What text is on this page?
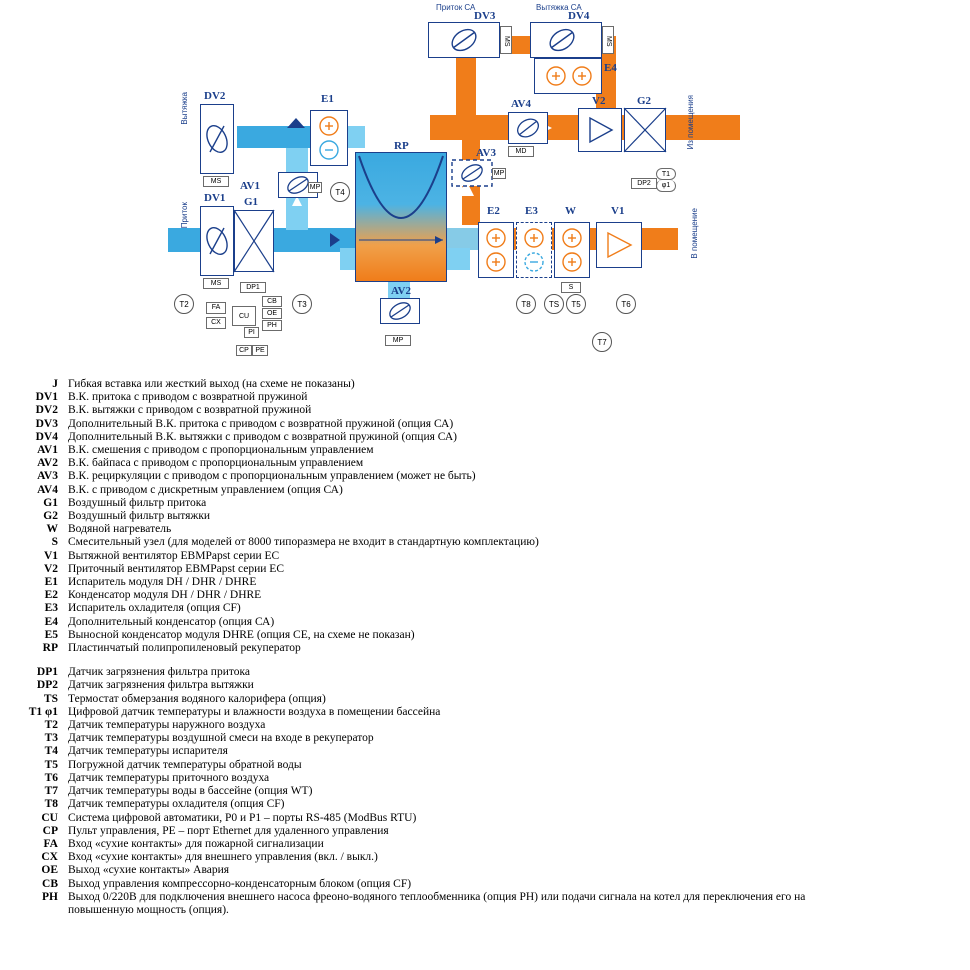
RP
DV3
MS
Приток СА
DV4
MS
Вытяжка СА
E4
DV2
MS
Вытяжка	E1
AV1	MP
DV1
MS
Приток	G1
DP1	AV2
MP
AV3
MP
AV4
MD
V2	G2
DP2
Из помещения
E2 E3 W
S
V1	В помещение
T2	T3
T4
T8	TS	T5	T6
T7
T1
φ1
FA
CX
CU
CB
OE
PH
PI
CP PE
J Гибкая вставка или жесткий выход (на схеме не показаны)
DV1 В.К. притока с приводом с возвратной пружиной
DV2 В.К. вытяжки с приводом с возвратной пружиной
DV3 Дополнительный В.К. притока с приводом с возвратной пружиной (опция СА)
DV4 Дополнительный В.К. вытяжки с приводом с возвратной пружиной (опция СА)
AV1 В.К. смешения с приводом с пропорциональным управлением
AV2 В.К. байпаса с приводом с пропорциональным управлением
AV3 В.К. рециркуляции с приводом с пропорциональным управлением (может не быть)
AV4 В.К. с приводом с дискретным управлением (опция СА)
G1 Воздушный фильтр притока
G2 Воздушный фильтр вытяжки
W Водяной нагреватель
S Смесительный узел (для моделей от 8000 типоразмера не входит в стандартную комплектацию)
V1 Вытяжной вентилятор EBMPapst серии ЕС
V2 Приточный вентилятор EBMPapst серии ЕС
E1 Испаритель модуля DH / DHR / DHRE
E2 Конденсатор модуля DH / DHR / DHRE
E3 Испаритель охладителя (опция CF)
E4 Дополнительный конденсатор (опция СА)
E5 Выносной конденсатор модуля DHRE (опция СЕ, на схеме не показан)
RP Пластинчатый полипропиленовый рекуператор
DP1 Датчик загрязнения фильтра притока
DP2 Датчик загрязнения фильтра вытяжки
TS Термостат обмерзания водяного калорифера (опция)
T1 φ1 Цифровой датчик температуры и влажности воздуха в помещении бассейна
T2 Датчик температуры наружного воздуха
T3 Датчик температуры воздушной смеси на входе в рекуператор
T4 Датчик температуры испарителя
T5 Погружной датчик температуры обратной воды
T6 Датчик температуры приточного воздуха
T7 Датчик температуры воды в бассейне (опция WT)
T8 Датчик температуры охладителя (опция CF)
CU Система цифровой автоматики, Р0 и Р1 – порты RS-485 (ModBus RTU)
CP Пульт управления, РЕ – порт Ethernet для удаленного управления
FA Вход «сухие контакты» для пожарной сигнализации
CX Вход «сухие контакты» для внешнего управления (вкл. / выкл.)
OE Выход «сухие контакты» Авария
CB Выход управления компрессорно-конденсаторным блоком (опция CF)
PH Выход 0/220В для подключения внешнего насоса фреоно-водяного теплообменника (опция PH) или подачи сигнала на котел для переключения его на повышенную мощность (опция).
